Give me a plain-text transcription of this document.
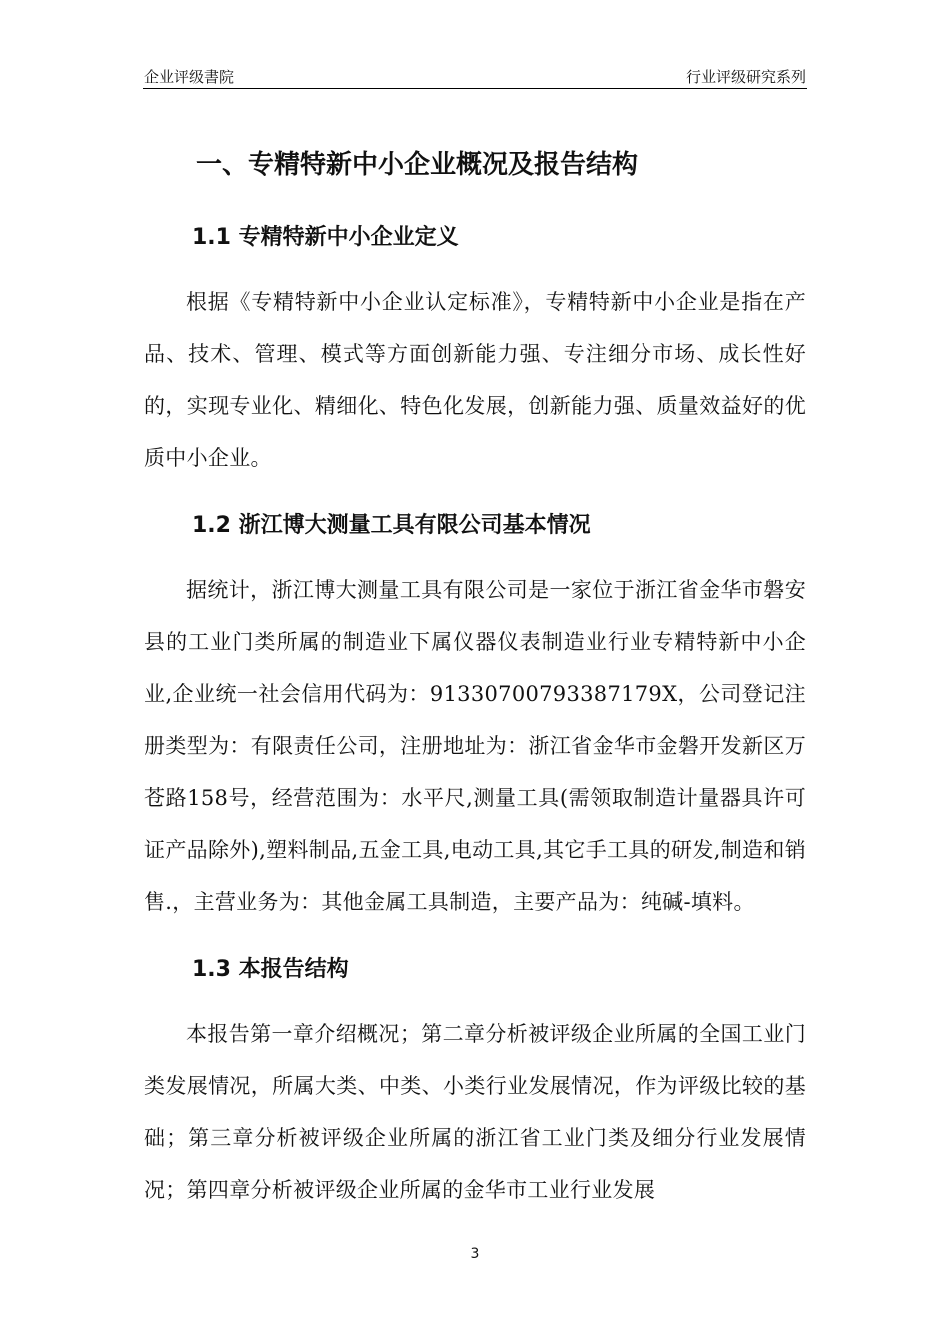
企业评级書院	行业评级研究系列
一、专精特新中小企业概况及报告结构
1.1 专精特新中小企业定义

根据《专精特新中小企业认定标准》，专精特新中小企业是指在产品、技术、管理、模式等方面创新能力强、专注细分市场、成长性好的，实现专业化、精细化、特色化发展，创新能力强、质量效益好的优质中小企业。

1.2 浙江博大测量工具有限公司基本情况

据统计，浙江博大测量工具有限公司是一家位于浙江省金华市磐安县的工业门类所属的制造业下属仪器仪表制造业行业专精特新中小企业,企业统一社会信用代码为：91330700793387179X，公司登记注册类型为：有限责任公司，注册地址为：浙江省金华市金磐开发新区万苍路158号，经营范围为：水平尺,测量工具(需领取制造计量器具许可证产品除外),塑料制品,五金工具,电动工具,其它手工具的研发,制造和销售.，主营业务为：其他金属工具制造，主要产品为：纯碱-填料。

1.3 本报告结构

本报告第一章介绍概况；第二章分析被评级企业所属的全国工业门类发展情况，所属大类、中类、小类行业发展情况，作为评级比较的基础；第三章分析被评级企业所属的浙江省工业门类及细分行业发展情况；第四章分析被评级企业所属的金华市工业行业发展

3
